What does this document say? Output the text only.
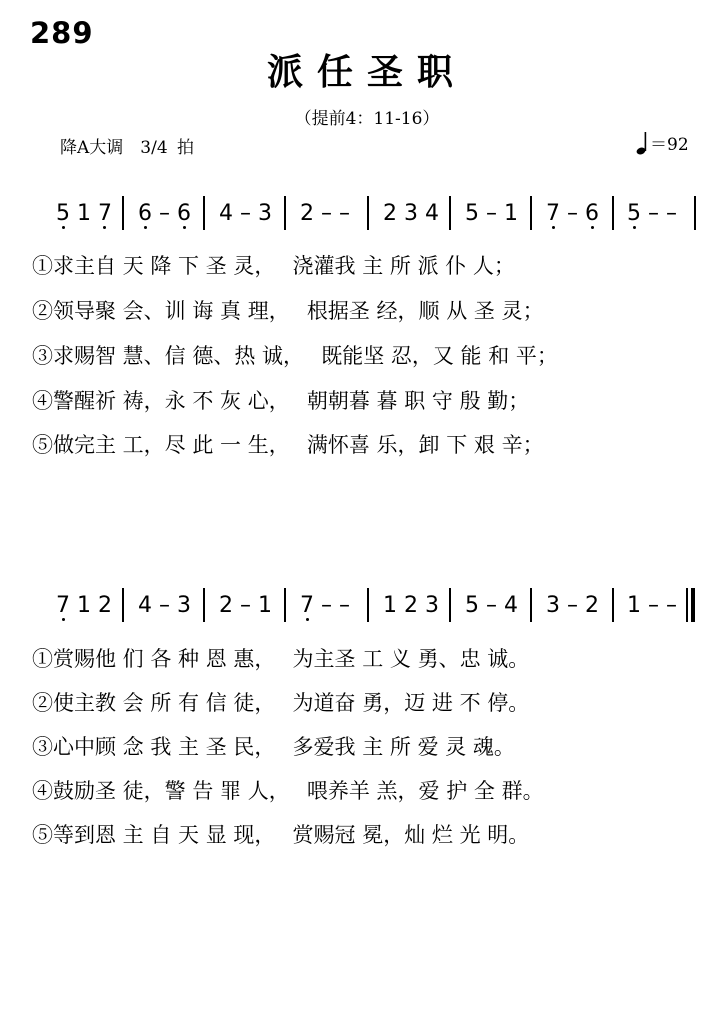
289
派任圣职
（提前4：11-16）
降A大调　3/4 拍	＝92
5 1 7 6 – 6 4 – 3 2 – – 2 3 4 5 – 1 7 – 6 5 – –
①求主自 天 降 下 圣 灵，　 浇灌我 主 所 派 仆 人；
②领导聚 会、训 诲 真 理，　 根据圣 经，顺 从 圣 灵；
③求赐智 慧、信 德、热 诚，　 既能坚 忍，又 能 和 平；
④警醒祈 祷，永 不 灰 心，　 朝朝暮 暮 职 守 殷 勤；
⑤做完主 工，尽 此 一 生，　 满怀喜 乐，卸 下 艰 辛；
7 1 2 4 – 3 2 – 1 7 – – 1 2 3 5 – 4 3 – 2 1 – –
①赏赐他 们 各 种 恩 惠，　 为主圣 工 义 勇、忠 诚。
②使主教 会 所 有 信 徒，　 为道奋 勇，迈 进 不 停。
③心中顾 念 我 主 圣 民，　 多爱我 主 所 爱 灵 魂。
④鼓励圣 徒，警 告 罪 人，　 喂养羊 羔，爱 护 全 群。
⑤等到恩 主 自 天 显 现，　 赏赐冠 冕，灿 烂 光 明。
